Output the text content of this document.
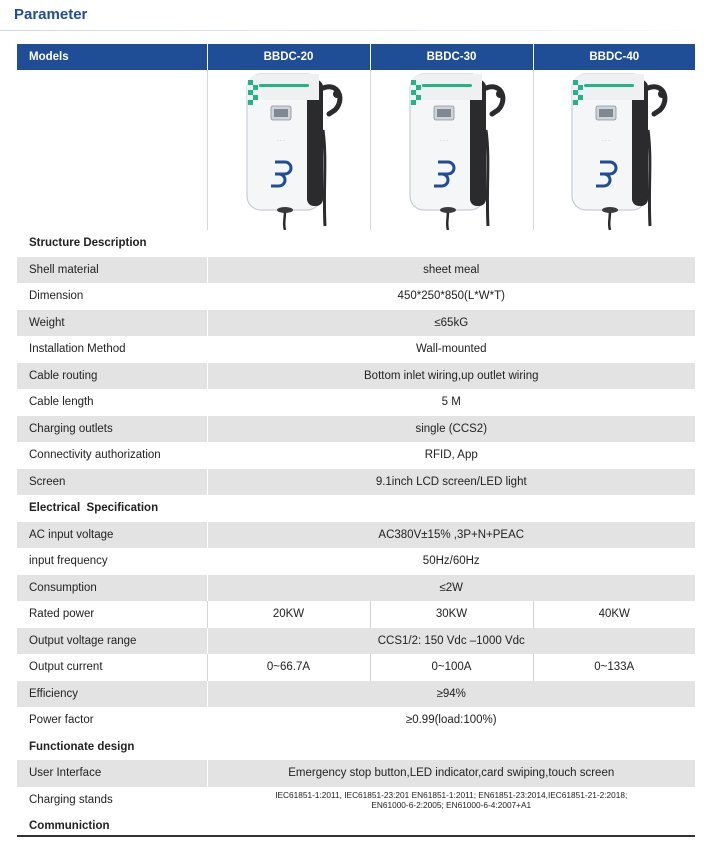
Parameter
Models	BBDC-20	BBDC-30	BBDC-40

· · ·	· · ·	· · ·

Structure Description			
Shell material	sheet meal		
Dimension	450*250*850(L*W*T)		
Weight	≤65kG		
Installation Method	Wall-mounted		
Cable routing	Bottom inlet wiring,up outlet wiring		
Cable length	5 M		
Charging outlets	single (CCS2)		
Connectivity authorization	RFID, App		
Screen	9.1inch LCD screen/LED light		
Electrical  Specification			
AC input voltage	AC380V±15% ,3P+N+PEAC		
input frequency	50Hz/60Hz		
Consumption	≤2W		
Rated power	20KW	30KW	40KW
Output voltage range	CCS1/2: 150 Vdc –1000 Vdc		
Output current	0~66.7A	0~100A	0~133A
Efficiency	≥94%		
Power factor	≥0.99(load:100%)		
Functionate design			
User Interface	Emergency stop button,LED indicator,card swiping,touch screen		
Charging stands	IEC61851-1:2011, IEC61851-23:201 EN61851-1:2011; EN61851-23:2014,IEC61851-21-2:2018;
EN61000-6-2:2005; EN61000-6-4:2007+A1		

Communiction			
